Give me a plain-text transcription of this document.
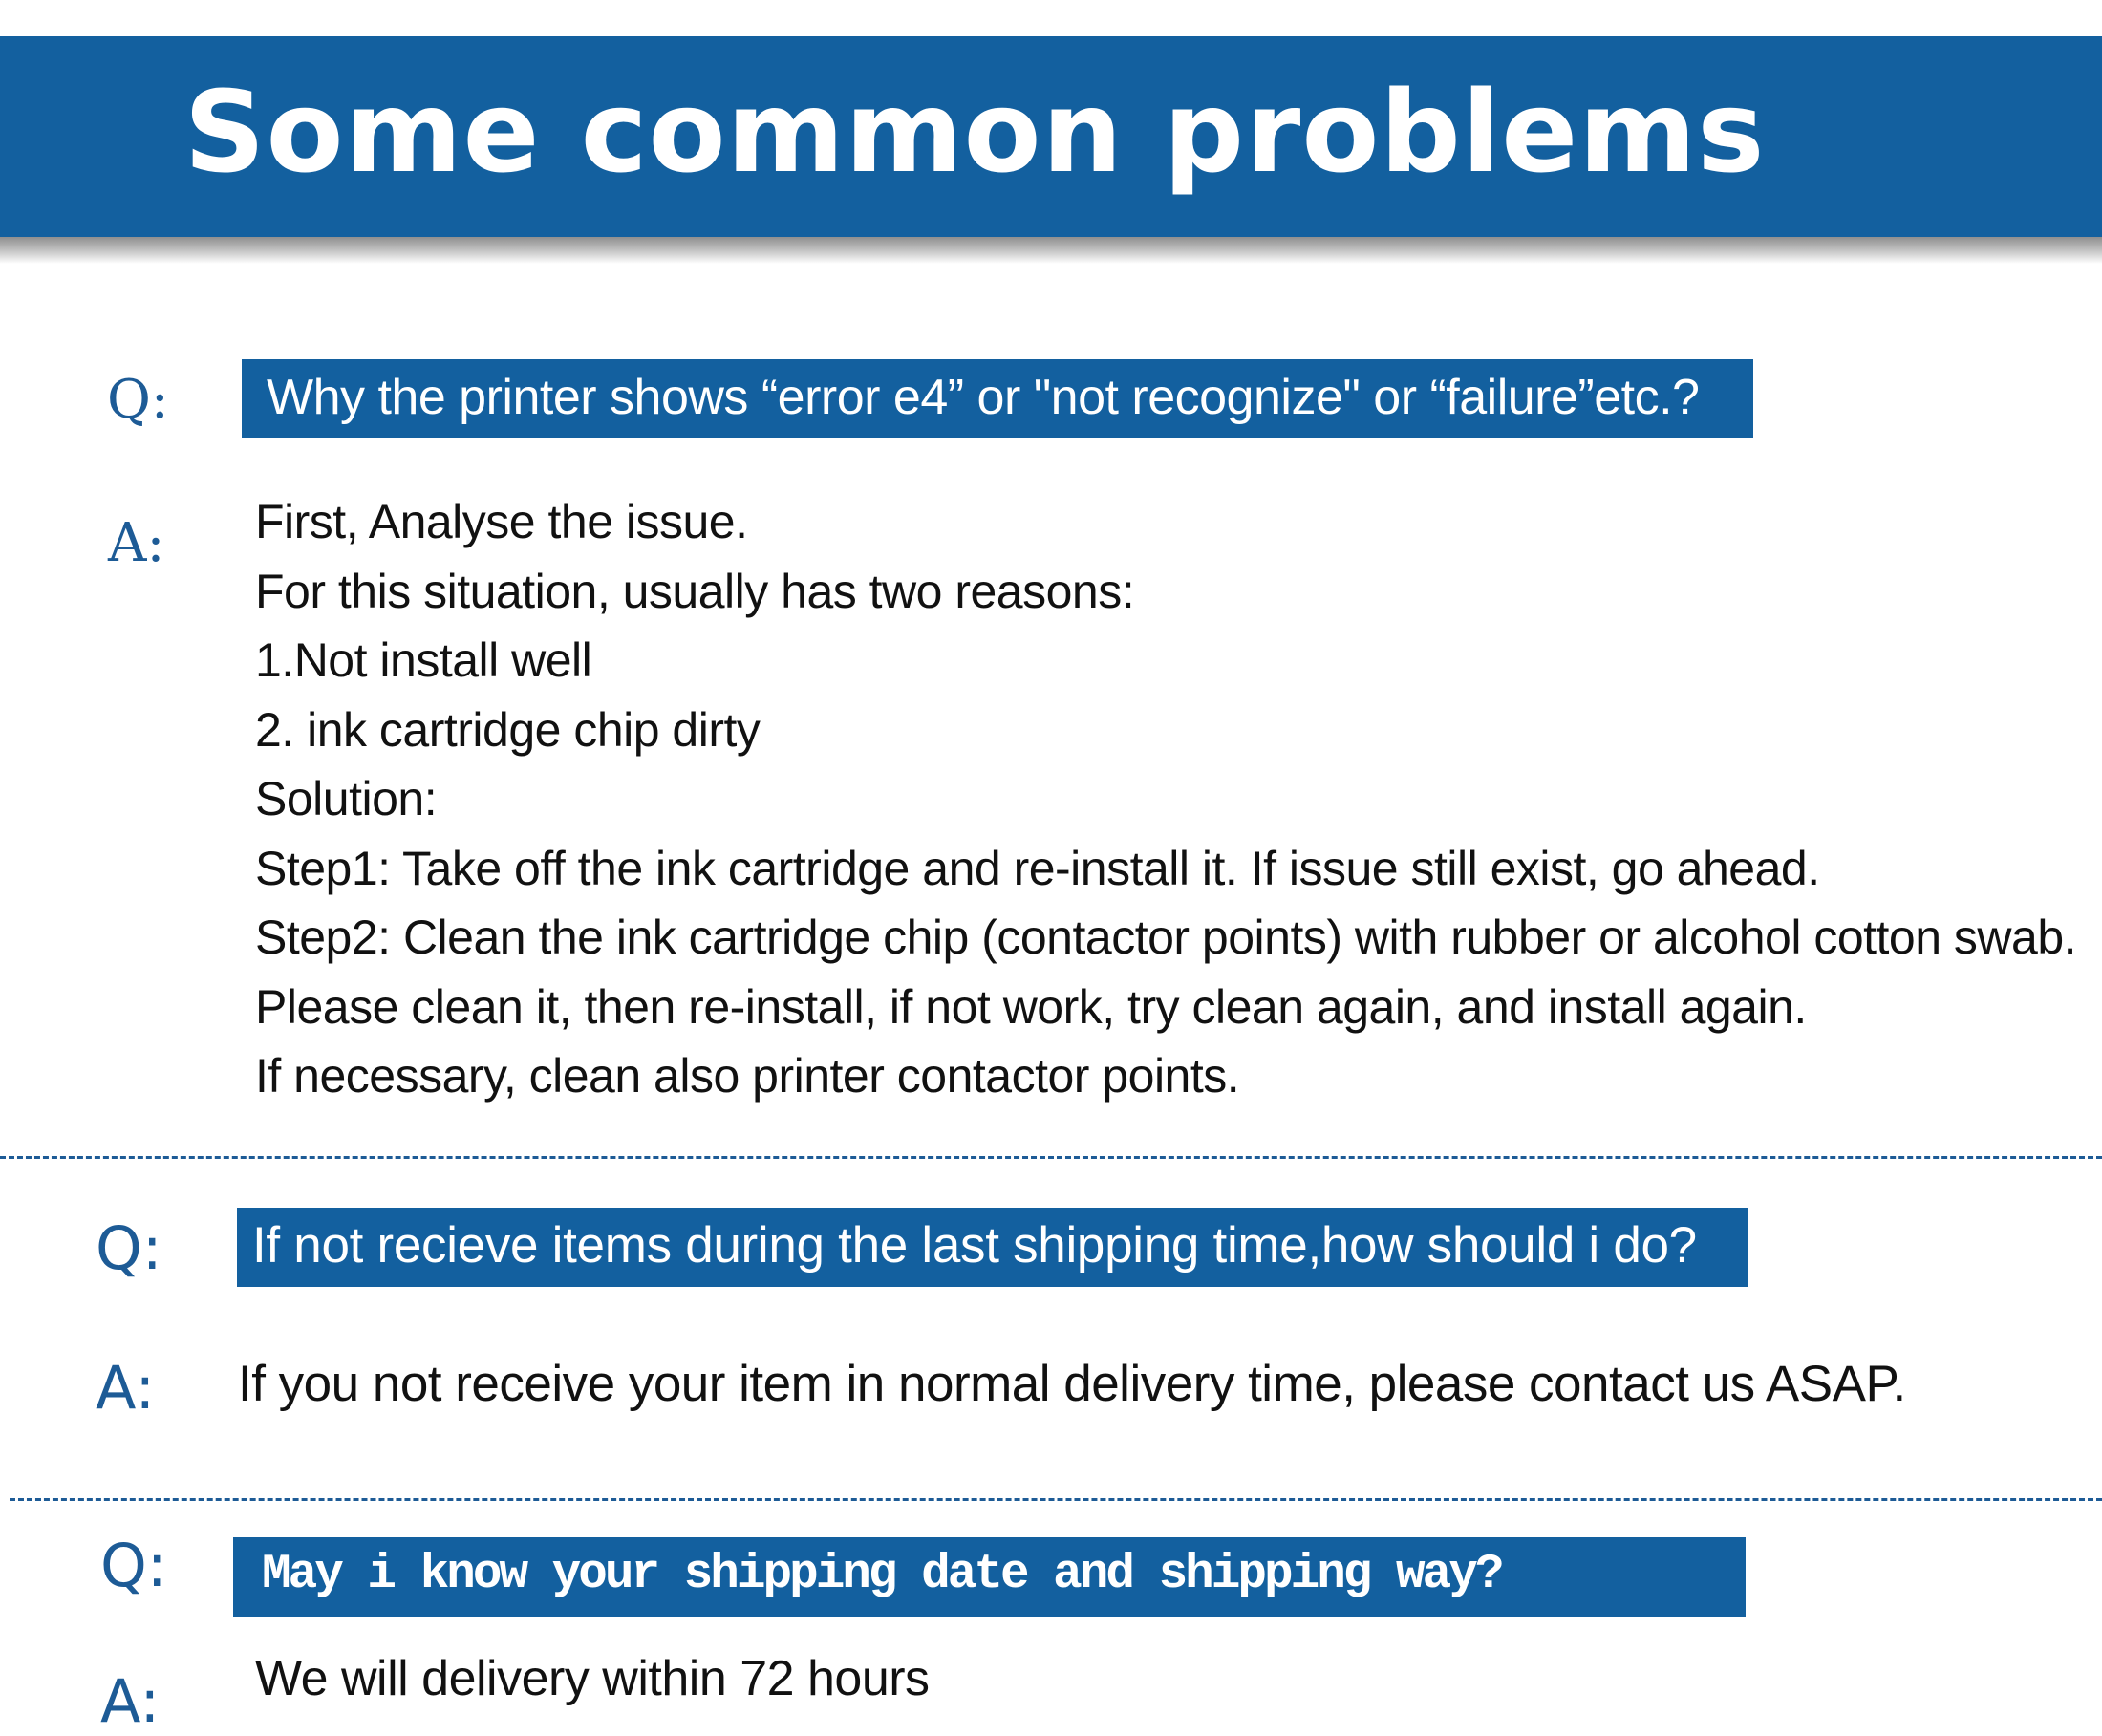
Some common problems
Q:	Why the printer shows “error e4” or "not recognize" or “failure”etc.?
A: First, Analyse the issue.
For this situation, usually has two reasons:
1.Not install well
2. ink cartridge chip dirty
Solution:
Step1: Take off the ink cartridge and re-install it. If issue still exist, go ahead.
Step2: Clean the ink cartridge chip (contactor points) with rubber or alcohol cotton swab.
Please clean it, then re-install, if not work, try clean again, and install again.
If necessary, clean also printer contactor points.
Q:	If not recieve items during the last shipping time,how should i do?
A: If you not receive your item in normal delivery time, please contact us ASAP.
Q:	May i know your shipping date and shipping way?
A: We will delivery within 72 hours
